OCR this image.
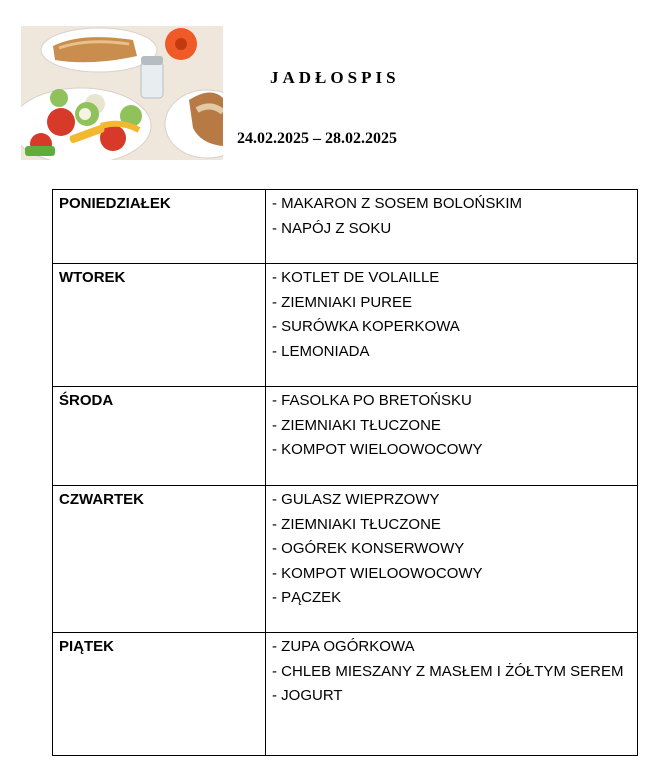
JADŁOSPIS

24.02.2025 – 28.02.2025

PONIEDZIAŁEK	- MAKARON Z SOSEM BOLOŃSKIM
- NAPÓJ Z SOKU

WTOREK	- KOTLET DE VOLAILLE
- ZIEMNIAKI PUREE
- SURÓWKA KOPERKOWA
- LEMONIADA

ŚRODA	- FASOLKA PO BRETOŃSKU
- ZIEMNIAKI TŁUCZONE
- KOMPOT WIELOOWOCOWY

CZWARTEK	- GULASZ WIEPRZOWY
- ZIEMNIAKI TŁUCZONE
- OGÓREK KONSERWOWY
- KOMPOT WIELOOWOCOWY
- PĄCZEK

PIĄTEK	- ZUPA OGÓRKOWA
- CHLEB MIESZANY Z MASŁEM I ŻÓŁTYM SEREM
- JOGURT
